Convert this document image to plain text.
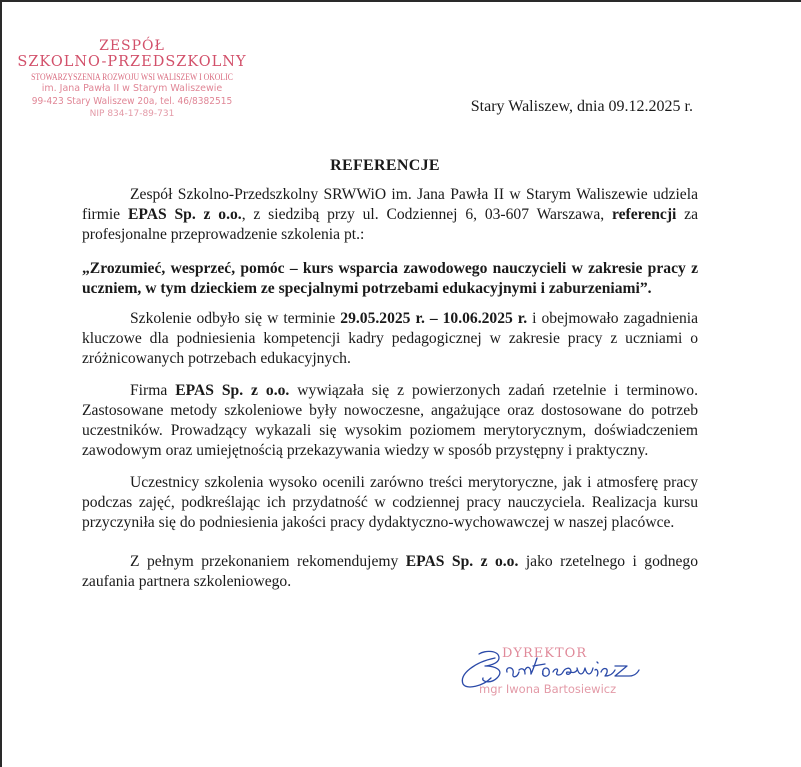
ZESPÓŁ
SZKOLNO-PRZEDSZKOLNY
STOWARZYSZENIA ROZWOJU WSI WALISZEW I OKOLIC
im. Jana Pawła II w Starym Waliszewie
99-423 Stary Waliszew 20a, tel. 46/8382515
NIP 834-17-89-731	Stary Waliszew, dnia 09.12.2025 r.
REFERENCJE

Zespół Szkolno-Przedszkolny SRWWiO im. Jana Pawła II w Starym Waliszewie udziela firmie EPAS Sp. z o.o., z siedzibą przy ul. Codziennej 6, 03-607 Warszawa, referencji za profesjonalne przeprowadzenie szkolenia pt.:

„Zrozumieć, wesprzeć, pomóc – kurs wsparcia zawodowego nauczycieli w zakresie pracy z uczniem, w tym dzieckiem ze specjalnymi potrzebami edukacyjnymi i zaburzeniami”.

Szkolenie odbyło się w terminie 29.05.2025 r. – 10.06.2025 r. i obejmowało zagadnienia kluczowe dla podniesienia kompetencji kadry pedagogicznej w zakresie pracy z uczniami o zróżnicowanych potrzebach edukacyjnych.

Firma EPAS Sp. z o.o. wywiązała się z powierzonych zadań rzetelnie i terminowo. Zastosowane metody szkoleniowe były nowoczesne, angażujące oraz dostosowane do potrzeb uczestników. Prowadzący wykazali się wysokim poziomem merytorycznym, doświadczeniem zawodowym oraz umiejętnością przekazywania wiedzy w sposób przystępny i praktyczny.

Uczestnicy szkolenia wysoko ocenili zarówno treści merytoryczne, jak i atmosferę pracy podczas zajęć, podkreślając ich przydatność w codziennej pracy nauczyciela. Realizacja kursu przyczyniła się do podniesienia jakości pracy dydaktyczno-wychowawczej w naszej placówce.

Z pełnym przekonaniem rekomendujemy EPAS Sp. z o.o. jako rzetelnego i godnego zaufania partnera szkoleniowego.

DYREKTOR
mgr Iwona Bartosiewicz
